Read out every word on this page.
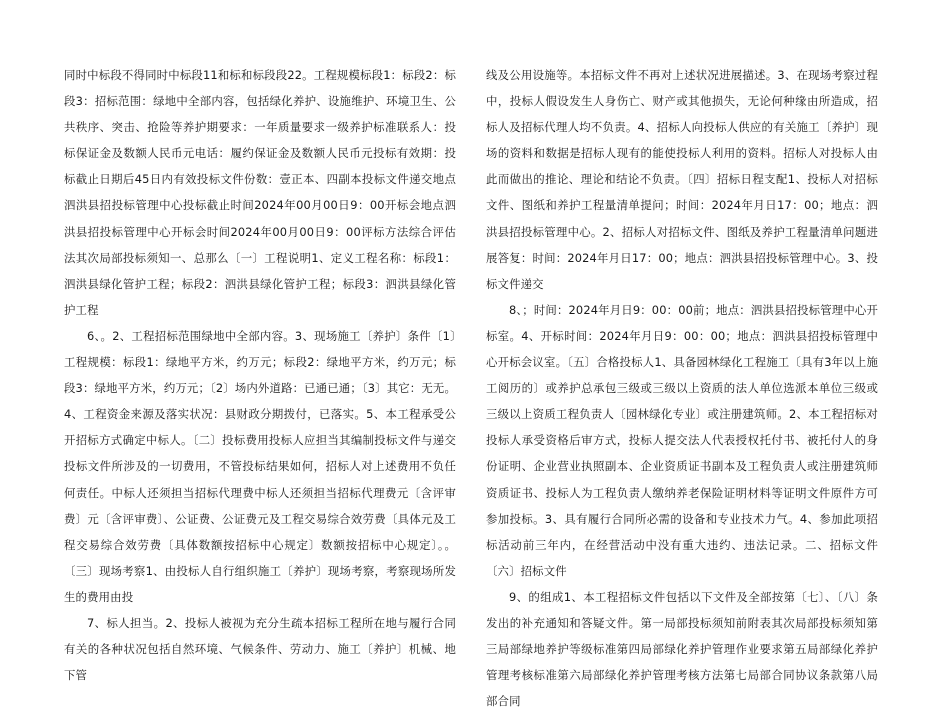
同时中标段不得同时中标段11和标和标段段22。工程规模标段1：标段2：标段3：招标范围：绿地中全部内容，包括绿化养护、设施维护、环境卫生、公共秩序、突击、抢险等养护期要求：一年质量要求一级养护标准联系人：投标保证金及数额人民币元电话：履约保证金及数额人民币元投标有效期：投标截止日期后45日内有效投标文件份数：壹正本、四副本投标文件递交地点泗洪县招投标管理中心投标截止时间2024年00月00日9：00开标会地点泗洪县招投标管理中心开标会时间2024年00月00日9：00评标方法综合评估法其次局部投标须知一、总那么〔一〕工程说明1、定义工程名称：标段1：泗洪县绿化管护工程；标段2：泗洪县绿化管护工程；标段3：泗洪县绿化管护工程

6、。2、工程招标范围绿地中全部内容。3、现场施工〔养护〕条件〔1〕工程规模：标段1：绿地平方米，约万元；标段2：绿地平方米，约万元；标段3：绿地平方米，约万元；〔2〕场内外道路：已通已通；〔3〕其它：无无。4、工程资金来源及落实状况：县财政分期拨付，已落实。5、本工程承受公开招标方式确定中标人。〔二〕投标费用投标人应担当其编制投标文件与递交投标文件所涉及的一切费用，不管投标结果如何，招标人对上述费用不负任何责任。中标人还须担当招标代理费中标人还须担当招标代理费元〔含评审费〕元〔含评审费〕、公证费、公证费元及工程交易综合效劳费〔具体元及工程交易综合效劳费〔具体数额按招标中心规定〕数额按招标中心规定〕。。〔三〕现场考察1、由投标人自行组织施工〔养护〕现场考察，考察现场所发生的费用由投

7、标人担当。2、投标人被视为充分生疏本招标工程所在地与履行合同有关的各种状况包括自然环境、气候条件、劳动力、施工〔养护〕机械、地下管

线及公用设施等。本招标文件不再对上述状况进展描述。3、在现场考察过程中，投标人假设发生人身伤亡、财产或其他损失，无论何种缘由所造成，招标人及招标代理人均不负责。4、招标人向投标人供应的有关施工〔养护〕现场的资料和数据是招标人现有的能使投标人利用的资料。招标人对投标人由此而做出的推论、理论和结论不负责。〔四〕招标日程支配1、投标人对招标文件、图纸和养护工程量清单提问；时间：2024年月日17：00；地点：泗洪县招投标管理中心。2、招标人对招标文件、图纸及养护工程量清单问题进展答复：时间：2024年月日17：00；地点：泗洪县招投标管理中心。3、投标文件递交

8、；时间：2024年月日9：00：00前；地点：泗洪县招投标管理中心开标室。4、开标时间：2024年月日9：00：00；地点：泗洪县招投标管理中心开标会议室。〔五〕合格投标人1、具备园林绿化工程施工〔具有3年以上施工阅历的〕或养护总承包三级或三级以上资质的法人单位选派本单位三级或三级以上资质工程负责人〔园林绿化专业〕或注册建筑师。2、本工程招标对投标人承受资格后审方式，投标人提交法人代表授权托付书、被托付人的身份证明、企业营业执照副本、企业资质证书副本及工程负责人或注册建筑师资质证书、投标人为工程负责人缴纳养老保险证明材料等证明文件原件方可参加投标。3、具有履行合同所必需的设备和专业技术力气。4、参加此项招标活动前三年内，在经营活动中没有重大违约、违法记录。二、招标文件〔六〕招标文件

9、的组成1、本工程招标文件包括以下文件及全部按第〔七〕、〔八〕条发出的补充通知和答疑文件。第一局部投标须知前附表其次局部投标须知第三局部绿地养护等级标准第四局部绿化养护管理作业要求第五局部绿化养护管理考核标准第六局部绿化养护管理考核方法第七局部合同协议条款第八局部合同
